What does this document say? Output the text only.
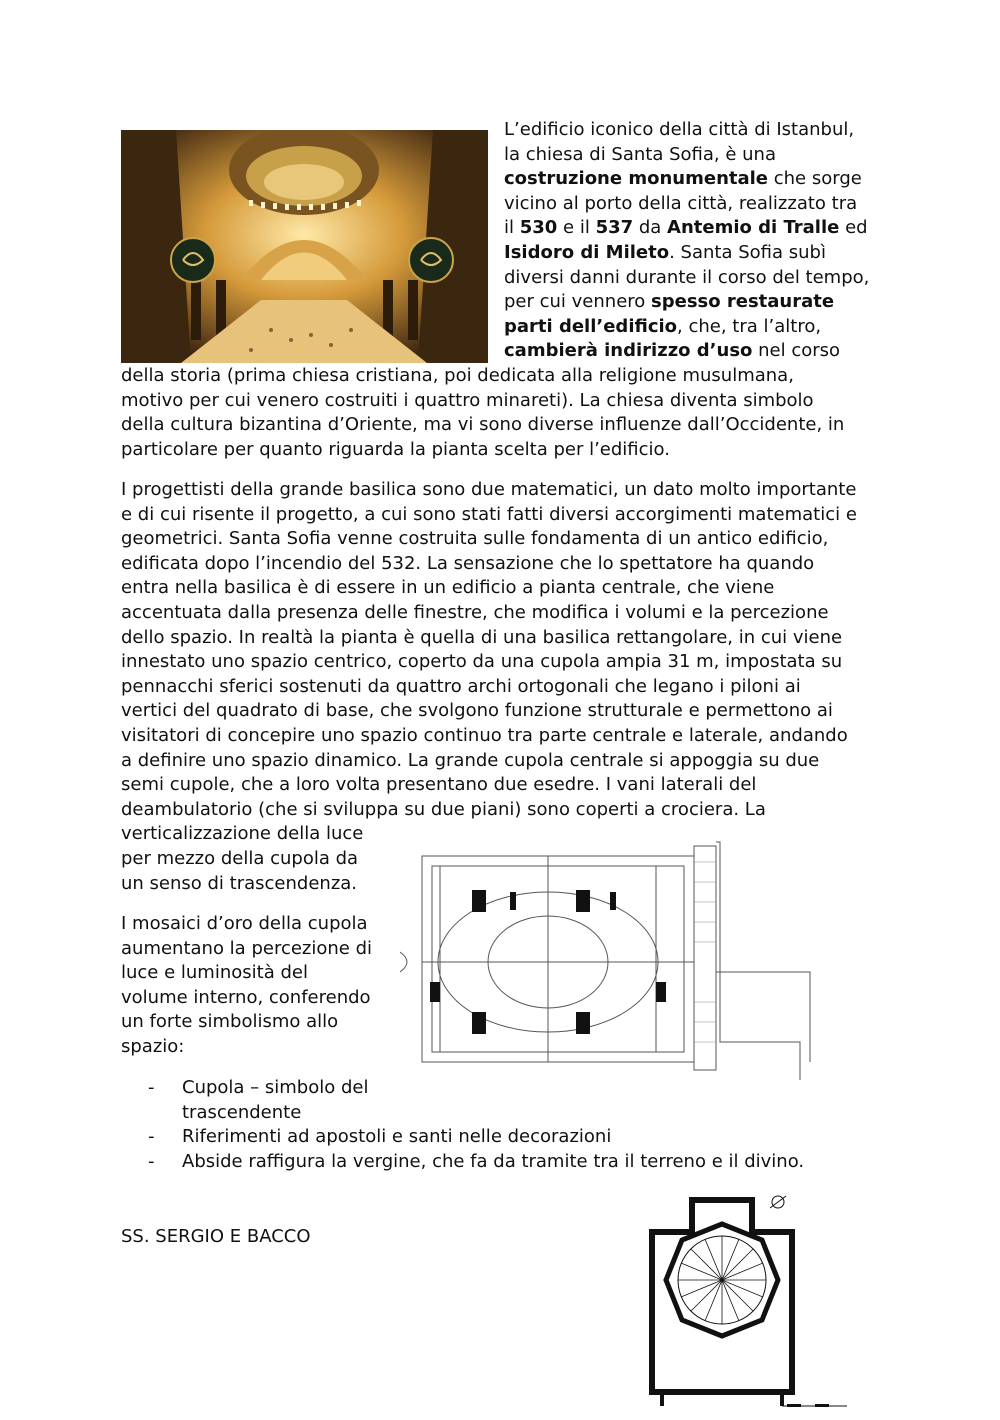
L’edificio iconico della città di Istanbul,
la chiesa di Santa Sofia, è una
costruzione monumentale che sorge
vicino al porto della città, realizzato tra
il 530 e il 537 da Antemio di Tralle ed
Isidoro di Mileto. Santa Sofia subì
diversi danni durante il corso del tempo,
per cui vennero spesso restaurate
parti dell’edificio, che, tra l’altro,
cambierà indirizzo d’uso nel corso
della storia (prima chiesa cristiana, poi dedicata alla religione musulmana,
motivo per cui venero costruiti i quattro minareti). La chiesa diventa simbolo
della cultura bizantina d’Oriente, ma vi sono diverse influenze dall’Occidente, in
particolare per quanto riguarda la pianta scelta per l’edificio.
I progettisti della grande basilica sono due matematici, un dato molto importante
e di cui risente il progetto, a cui sono stati fatti diversi accorgimenti matematici e
geometrici. Santa Sofia venne costruita sulle fondamenta di un antico edificio,
edificata dopo l’incendio del 532. La sensazione che lo spettatore ha quando
entra nella basilica è di essere in un edificio a pianta centrale, che viene
accentuata dalla presenza delle finestre, che modifica i volumi e la percezione
dello spazio. In realtà la pianta è quella di una basilica rettangolare, in cui viene
innestato uno spazio centrico, coperto da una cupola ampia 31 m, impostata su
pennacchi sferici sostenuti da quattro archi ortogonali che legano i piloni ai
vertici del quadrato di base, che svolgono funzione strutturale e permettono ai
visitatori di concepire uno spazio continuo tra parte centrale e laterale, andando
a definire uno spazio dinamico. La grande cupola centrale si appoggia su due
semi cupole, che a loro volta presentano due esedre. I vani laterali del
deambulatorio (che si sviluppa su due piani) sono coperti a crociera. La
verticalizzazione della luce
per mezzo della cupola da
un senso di trascendenza.
I mosaici d’oro della cupola
aumentano la percezione di
luce e luminosità del
volume interno, conferendo
un forte simbolismo allo
spazio:
- Cupola – simbolo del
trascendente
- Riferimenti ad apostoli e santi nelle decorazioni
- Abside raffigura la vergine, che fa da tramite tra il terreno e il divino.
SS. SERGIO E BACCO
